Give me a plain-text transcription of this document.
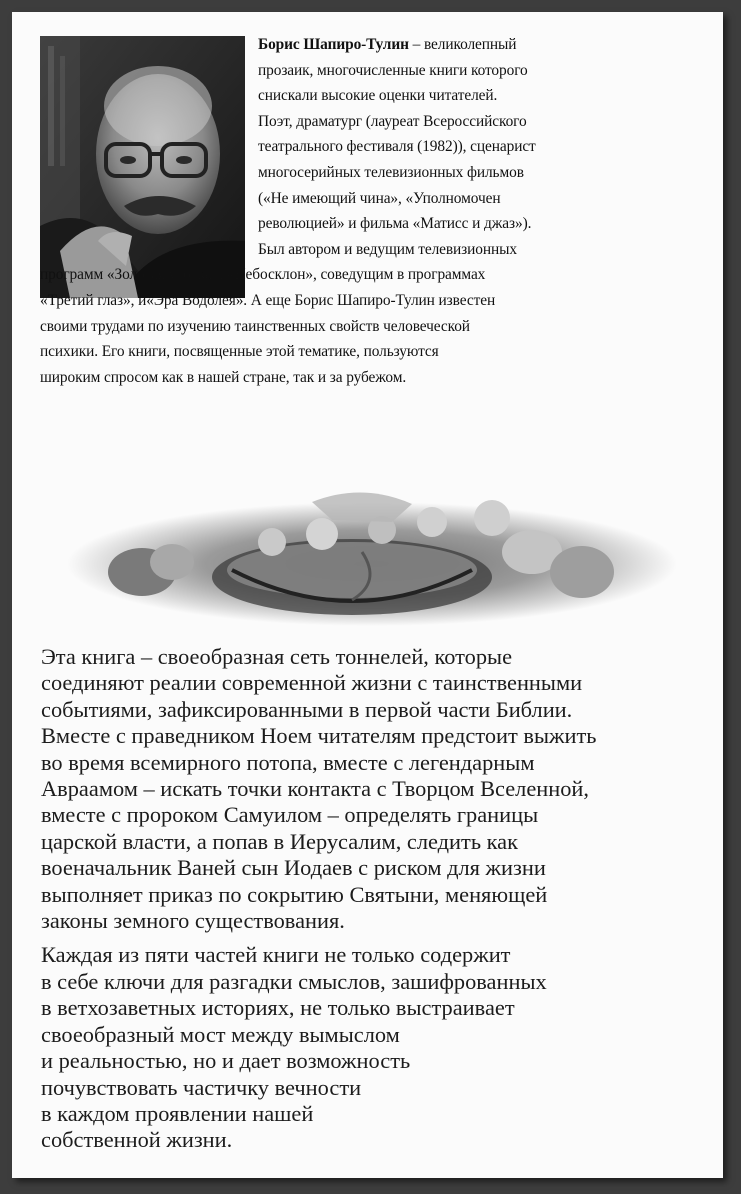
Борис Шапиро-Тулин – великолепный
прозаик, многочисленные книги которого
снискали высокие оценки читателей.
Поэт, драматург (лауреат Всероссийского
театрального фестиваля (1982)), сценарист
многосерийных телевизионных фильмов
(«Не имеющий чина», «Уполномочен
революцией» и фильма «Матисс и джаз»).
Был автором и ведущим телевизионных
программ «Золотая удочка», «Небосклон», соведущим в программах
«Третий глаз», и«Эра Водолея». А еще Борис Шапиро-Тулин известен
своими трудами по изучению таинственных свойств человеческой
психики. Его книги, посвященные этой тематике, пользуются
широким спросом как в нашей стране, так и за рубежом.
Эта книга – своеобразная сеть тоннелей, которые
соединяют реалии современной жизни с таинственными
событиями, зафиксированными в первой части Библии.
Вместе с праведником Ноем читателям предстоит выжить
во время всемирного потопа, вместе с легендарным
Авраамом – искать точки контакта с Творцом Вселенной,
вместе с пророком Самуилом – определять границы
царской власти, а попав в Иерусалим, следить как
военачальник Ваней сын Иодаев с риском для жизни
выполняет приказ по сокрытию Святыни, меняющей
законы земного существования.
Каждая из пяти частей книги не только содержит
в себе ключи для разгадки смыслов, зашифрованных
в ветхозаветных историях, не только выстраивает
своеобразный мост между вымыслом
и реальностью, но и дает возможность
почувствовать частичку вечности
в каждом проявлении нашей
собственной жизни.
